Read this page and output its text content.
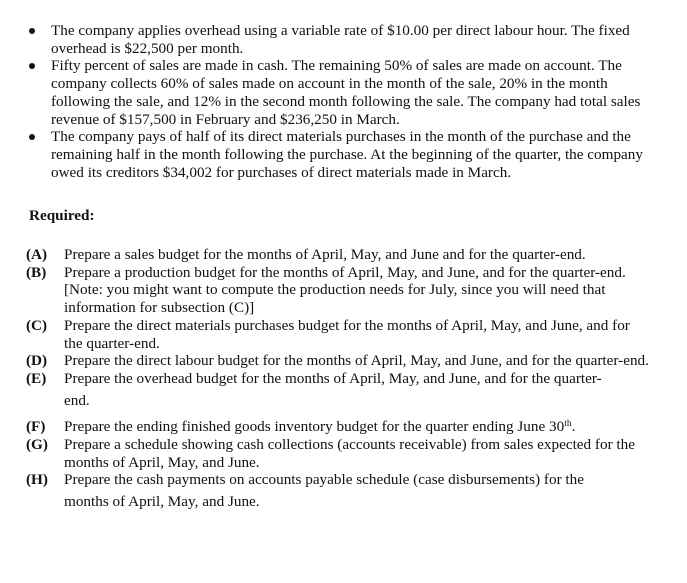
The company applies overhead using a variable rate of $10.00 per direct labour hour. The fixed overhead is $22,500 per month.
Fifty percent of sales are made in cash. The remaining 50% of sales are made on account. The company collects 60% of sales made on account in the month of the sale, 20% in the month following the sale, and 12% in the second month following the sale. The company had total sales revenue of $157,500 in February and $236,250 in March.
The company pays of half of its direct materials purchases in the month of the purchase and the remaining half in the month following the purchase. At the beginning of the quarter, the company owed its creditors $34,002 for purchases of direct materials made in March.
Required:
(A) Prepare a sales budget for the months of April, May, and June and for the quarter-end.
(B) Prepare a production budget for the months of April, May, and June, and for the quarter-end. [Note: you might want to compute the production needs for July, since you will need that information for subsection (C)]
(C) Prepare the direct materials purchases budget for the months of April, May, and June, and for the quarter-end.
(D) Prepare the direct labour budget for the months of April, May, and June, and for the quarter-end.
(E) Prepare the overhead budget for the months of April, May, and June, and for the quarter-
end.
(F) Prepare the ending finished goods inventory budget for the quarter ending June 30th.
(G) Prepare a schedule showing cash collections (accounts receivable) from sales expected for the months of April, May, and June.
(H) Prepare the cash payments on accounts payable schedule (case disbursements) for the
months of April, May, and June.
